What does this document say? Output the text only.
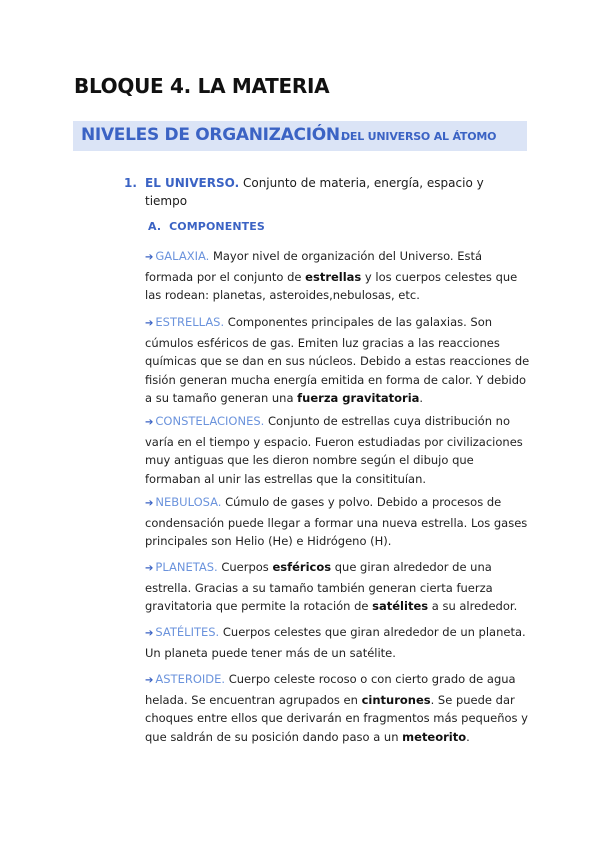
BLOQUE 4. LA MATERIA
NIVELES DE ORGANIZACIÓN.
DEL UNIVERSO AL ÁTOMO
1. EL UNIVERSO. Conjunto de materia, energía, espacio y tiempo
A. COMPONENTES
➔ GALAXIA. Mayor nivel de organización del Universo. Está formada por el conjunto de estrellas y los cuerpos celestes que las rodean: planetas, asteroides,nebulosas, etc.
➔ ESTRELLAS. Componentes principales de las galaxias. Son cúmulos esféricos de gas. Emiten luz gracias a las reacciones químicas que se dan en sus núcleos. Debido a estas reacciones de fisión generan mucha energía emitida en forma de calor. Y debido a su tamaño generan una fuerza gravitatoria.
➔ CONSTELACIONES. Conjunto de estrellas cuya distribución no varía en el tiempo y espacio. Fueron estudiadas por civilizaciones muy antiguas que les dieron nombre según el dibujo que formaban al unir las estrellas que la consitituían.
➔ NEBULOSA. Cúmulo de gases y polvo. Debido a procesos de condensación puede llegar a formar una nueva estrella. Los gases principales son Helio (He) e Hidrógeno (H).
➔ PLANETAS. Cuerpos esféricos que giran alrededor de una estrella. Gracias a su tamaño también generan cierta fuerza gravitatoria que permite la rotación de satélites a su alrededor.
➔ SATÉLITES. Cuerpos celestes que giran alrededor de un planeta. Un planeta puede tener más de un satélite.
➔ ASTEROIDE. Cuerpo celeste rocoso o con cierto grado de agua helada. Se encuentran agrupados en cinturones. Se puede dar choques entre ellos que derivarán en fragmentos más pequeños y que saldrán de su posición dando paso a un meteorito.
